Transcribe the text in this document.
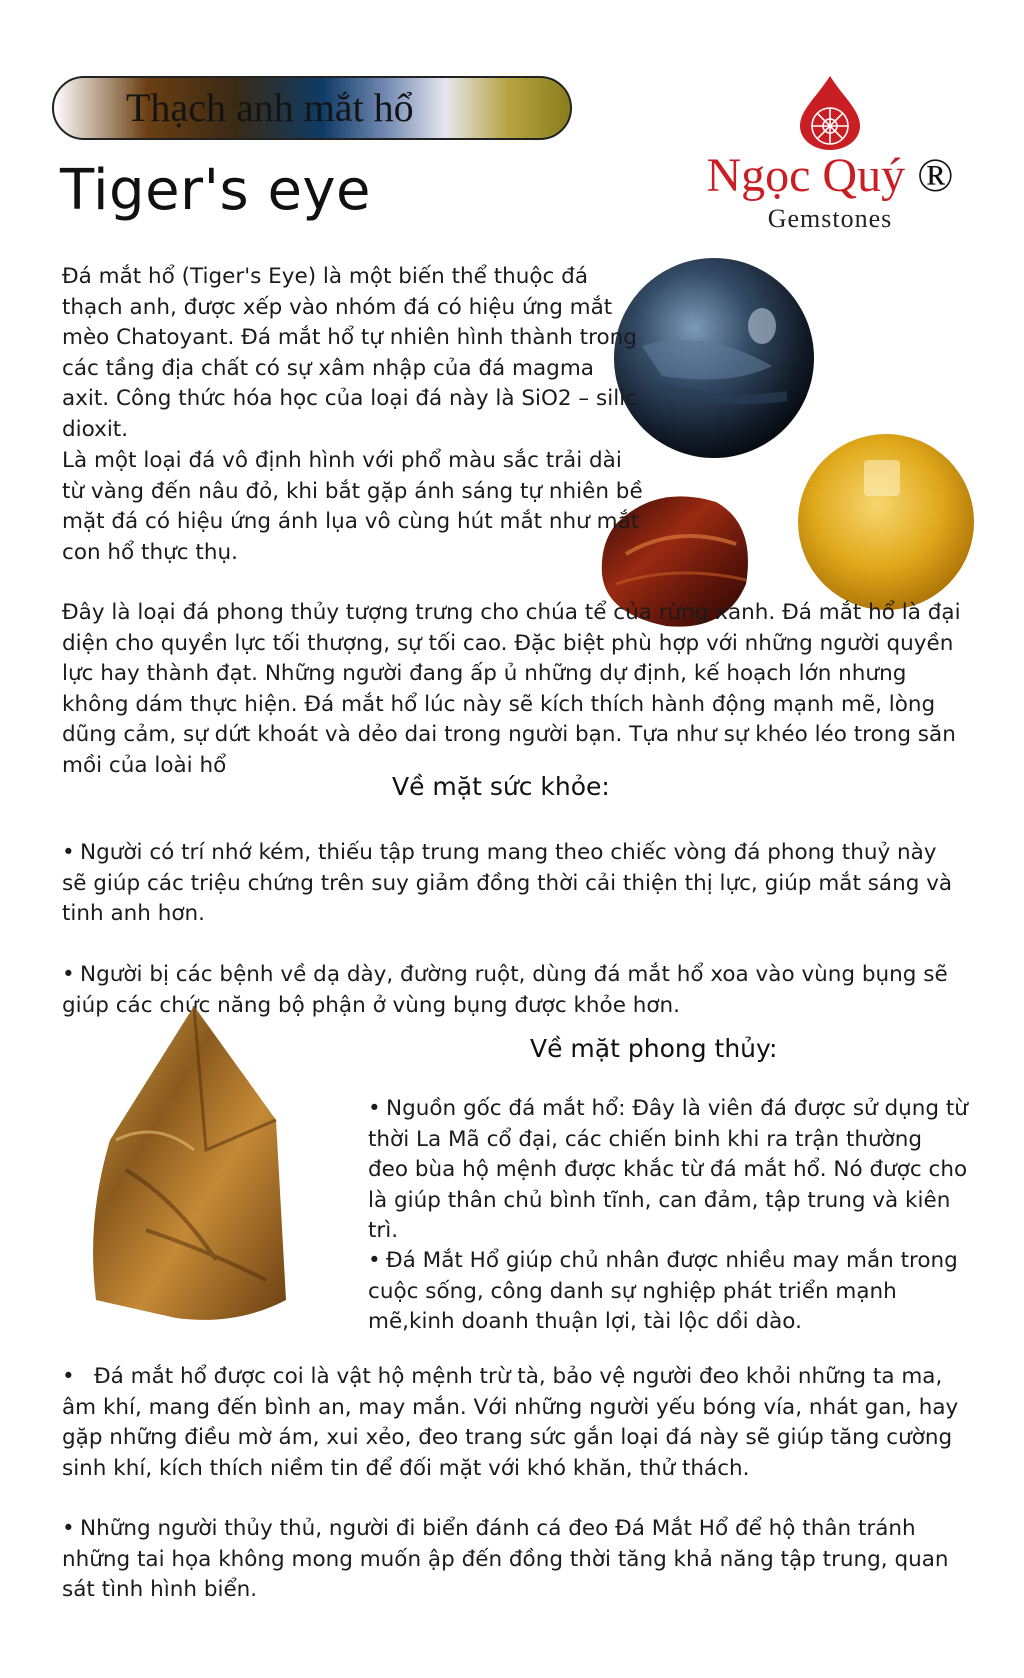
Thạch anh mắt hổ
Tiger's eye	Ngọc Quý ®
Gemstones

Đá mắt hổ (Tiger's Eye) là một biến thể thuộc đá thạch anh, được xếp vào nhóm đá có hiệu ứng mắt mèo Chatoyant. Đá mắt hổ tự nhiên hình thành trong các tầng địa chất có sự xâm nhập của đá magma axit. Công thức hóa học của loại đá này là SiO2 – silic dioxit.

Là một loại đá vô định hình với phổ màu sắc trải dài từ vàng đến nâu đỏ, khi bắt gặp ánh sáng tự nhiên bề mặt đá có hiệu ứng ánh lụa vô cùng hút mắt như mắt con hổ thực thụ.

Đây là loại đá phong thủy tượng trưng cho chúa tể của rừng xanh. Đá mắt hổ là đại diện cho quyền lực tối thượng, sự tối cao. Đặc biệt phù hợp với những người quyền lực hay thành đạt. Những người đang ấp ủ những dự định, kế hoạch lớn nhưng không dám thực hiện. Đá mắt hổ lúc này sẽ kích thích hành động mạnh mẽ, lòng dũng cảm, sự dứt khoát và dẻo dai trong người bạn. Tựa như sự khéo léo trong săn mồi của loài hổ

Về mặt sức khỏe:

• Người có trí nhớ kém, thiếu tập trung mang theo chiếc vòng đá phong thuỷ này sẽ giúp các triệu chứng trên suy giảm đồng thời cải thiện thị lực, giúp mắt sáng và tinh anh hơn.

• Người bị các bệnh về dạ dày, đường ruột, dùng đá mắt hổ xoa vào vùng bụng sẽ giúp các chức năng bộ phận ở vùng bụng được khỏe hơn.

Về mặt phong thủy:

• Nguồn gốc đá mắt hổ: Đây là viên đá được sử dụng từ thời La Mã cổ đại, các chiến binh khi ra trận thường đeo bùa hộ mệnh được khắc từ đá mắt hổ. Nó được cho là giúp thân chủ bình tĩnh, can đảm, tập trung và kiên trì.

• Đá Mắt Hổ giúp chủ nhân được nhiều may mắn trong cuộc sống, công danh sự nghiệp phát triển mạnh mẽ,kinh doanh thuận lợi, tài lộc dồi dào.

• Đá mắt hổ được coi là vật hộ mệnh trừ tà, bảo vệ người đeo khỏi những ta ma, âm khí, mang đến bình an, may mắn. Với những người yếu bóng vía, nhát gan, hay gặp những điều mờ ám, xui xẻo, đeo trang sức gắn loại đá này sẽ giúp tăng cường sinh khí, kích thích niềm tin để đối mặt với khó khăn, thử thách.

• Những người thủy thủ, người đi biển đánh cá đeo Đá Mắt Hổ để hộ thân tránh những tai họa không mong muốn ập đến đồng thời tăng khả năng tập trung, quan sát tình hình biển.
